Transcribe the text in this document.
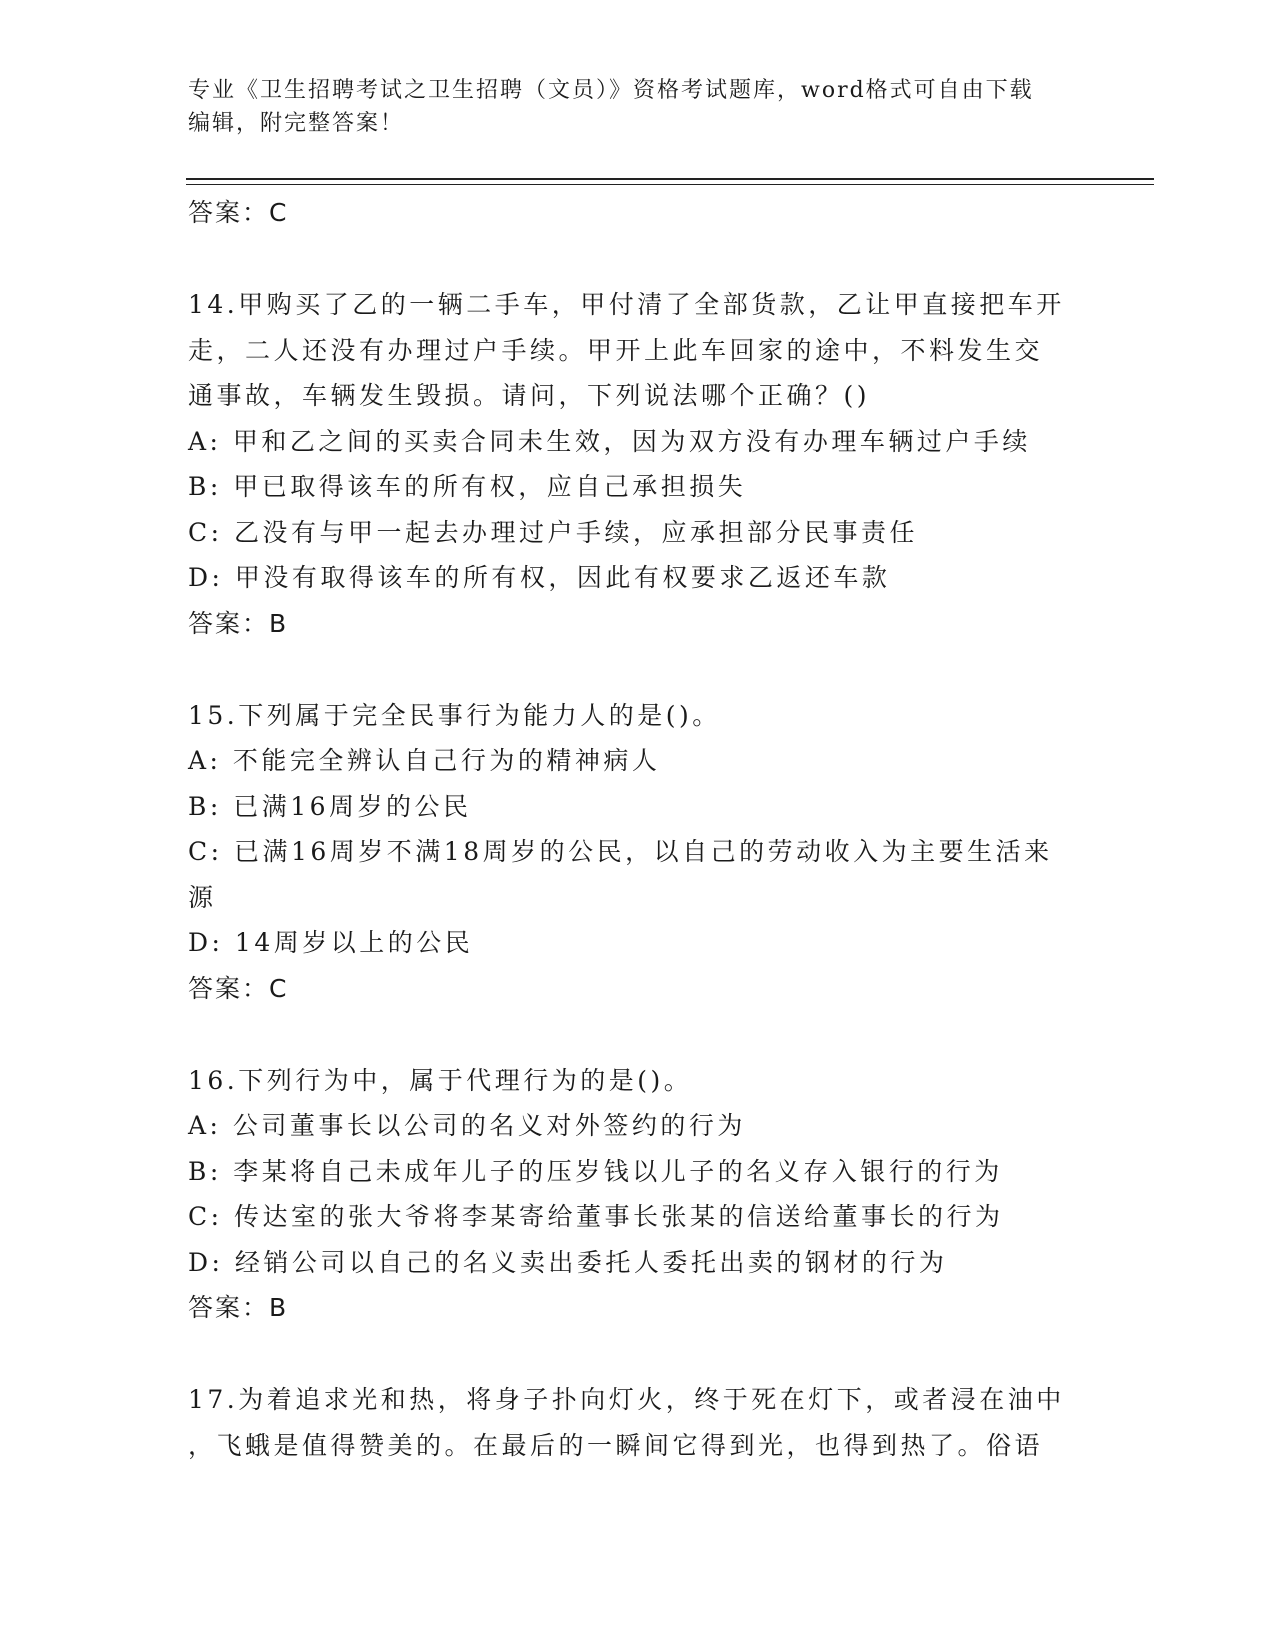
专业《卫生招聘考试之卫生招聘（文员）》资格考试题库，word格式可自由下载
编辑，附完整答案！
答案：C
14.甲购买了乙的一辆二手车，甲付清了全部货款，乙让甲直接把车开
走，二人还没有办理过户手续。甲开上此车回家的途中，不料发生交
通事故，车辆发生毁损。请问，下列说法哪个正确？()
A: 甲和乙之间的买卖合同未生效，因为双方没有办理车辆过户手续
B: 甲已取得该车的所有权，应自己承担损失
C: 乙没有与甲一起去办理过户手续，应承担部分民事责任
D: 甲没有取得该车的所有权，因此有权要求乙返还车款
答案：B
15.下列属于完全民事行为能力人的是()。
A: 不能完全辨认自己行为的精神病人
B: 已满16周岁的公民
C: 已满16周岁不满18周岁的公民，以自己的劳动收入为主要生活来
源
D: 14周岁以上的公民
答案：C
16.下列行为中，属于代理行为的是()。
A: 公司董事长以公司的名义对外签约的行为
B: 李某将自己未成年儿子的压岁钱以儿子的名义存入银行的行为
C: 传达室的张大爷将李某寄给董事长张某的信送给董事长的行为
D: 经销公司以自己的名义卖出委托人委托出卖的钢材的行为
答案：B
17.为着追求光和热，将身子扑向灯火，终于死在灯下，或者浸在油中
，飞蛾是值得赞美的。在最后的一瞬间它得到光，也得到热了。俗语
